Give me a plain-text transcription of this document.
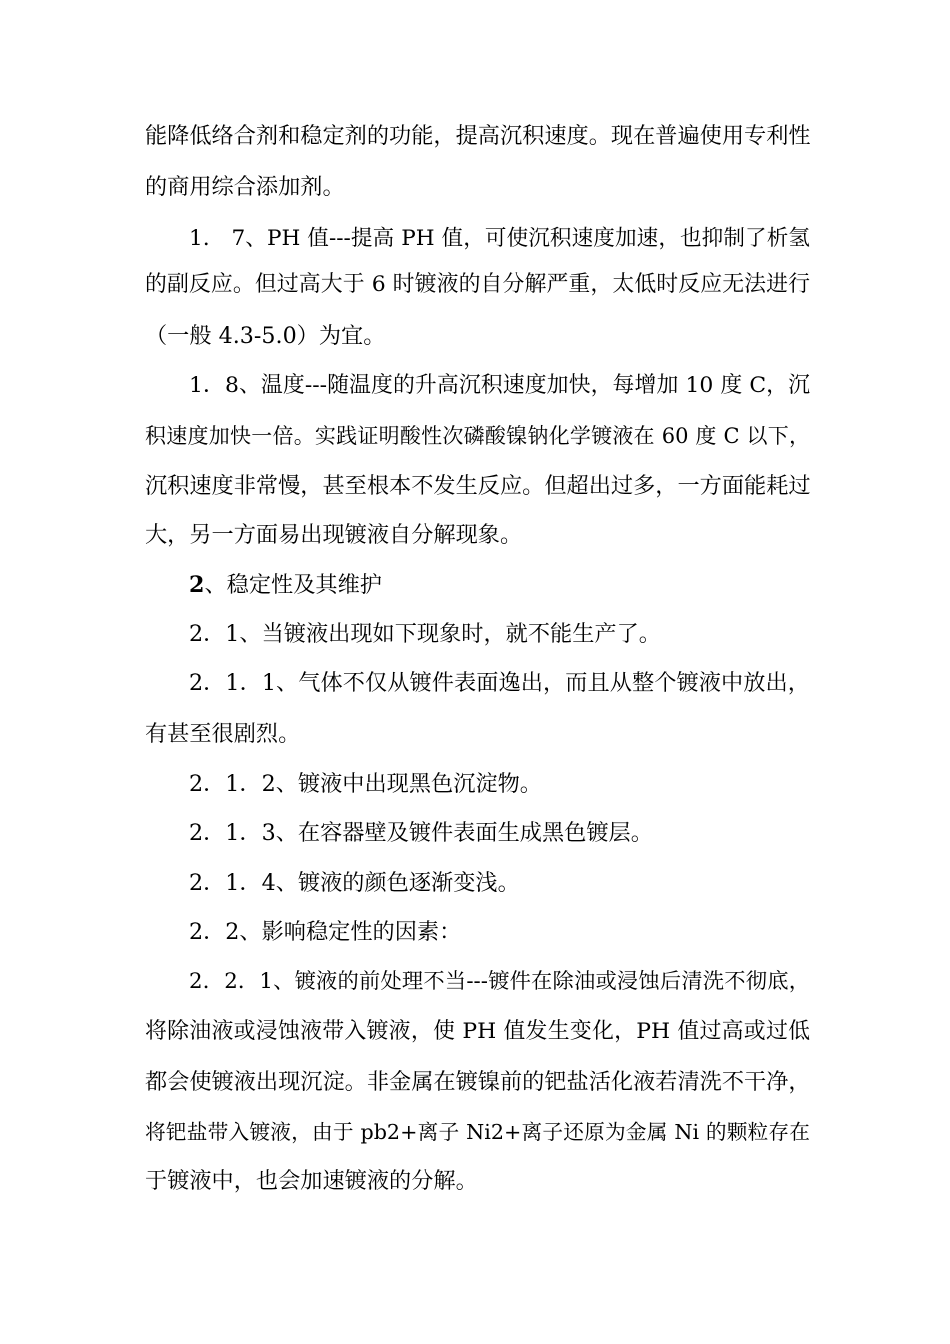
能降低络合剂和稳定剂的功能，提高沉积速度。现在普遍使用专利性
的商用综合添加剂。
1． 7、PH 值---提高 PH 值，可使沉积速度加速，也抑制了析氢
的副反应。但过高大于 6 时镀液的自分解严重，太低时反应无法进行
（一般 4.3-5.0）为宜。
1．8、温度---随温度的升高沉积速度加快，每增加 10 度 C，沉
积速度加快一倍。实践证明酸性次磷酸镍钠化学镀液在 60 度 C 以下，
沉积速度非常慢，甚至根本不发生反应。但超出过多，一方面能耗过
大，另一方面易出现镀液自分解现象。
2、稳定性及其维护
2．1、当镀液出现如下现象时，就不能生产了。
2．1．1、气体不仅从镀件表面逸出，而且从整个镀液中放出，
有甚至很剧烈。
2．1．2、镀液中出现黑色沉淀物。
2．1．3、在容器壁及镀件表面生成黑色镀层。
2．1．4、镀液的颜色逐渐变浅。
2．2、影响稳定性的因素：
2．2．1、镀液的前处理不当---镀件在除油或浸蚀后清洗不彻底，
将除油液或浸蚀液带入镀液，使 PH 值发生变化，PH 值过高或过低
都会使镀液出现沉淀。非金属在镀镍前的钯盐活化液若清洗不干净，
将钯盐带入镀液，由于 pb2+离子 Ni2+离子还原为金属 Ni 的颗粒存在
于镀液中，也会加速镀液的分解。
